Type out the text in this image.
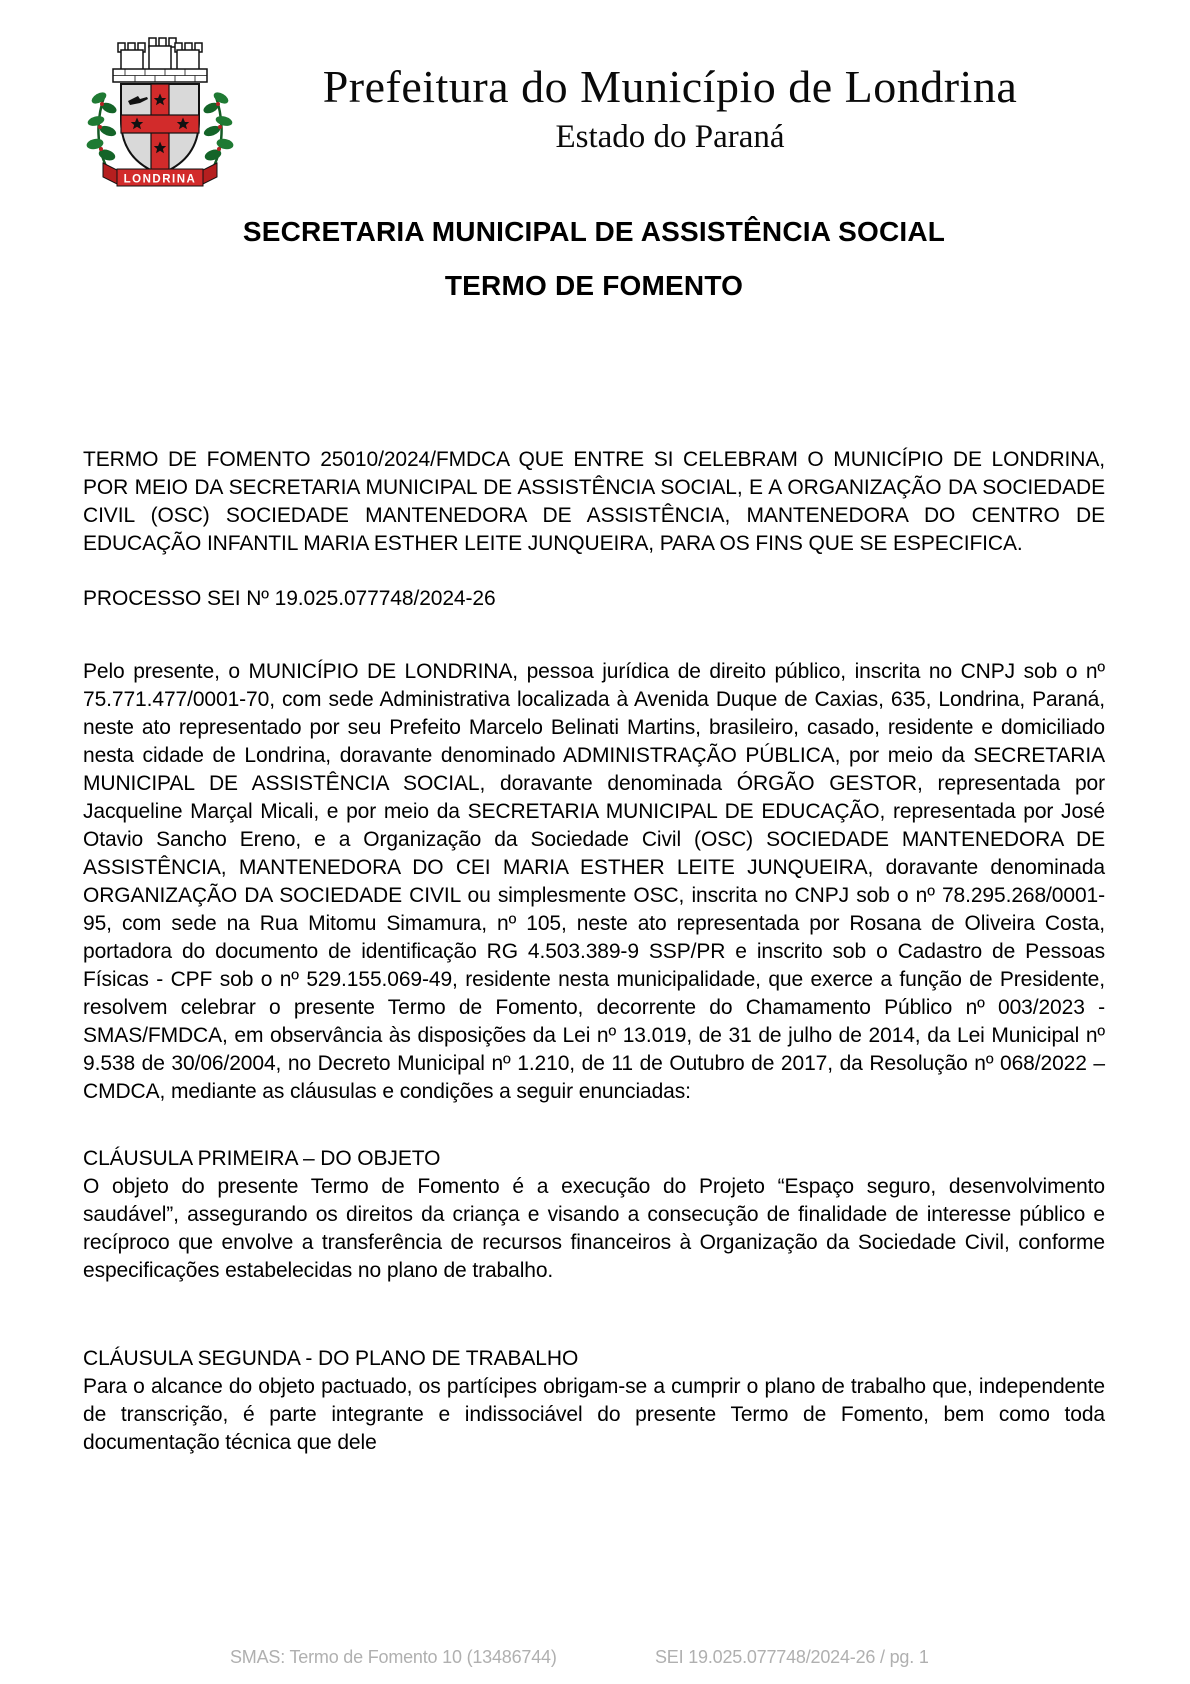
LONDRINA
Prefeitura do Município de Londrina
Estado do Paraná
SECRETARIA MUNICIPAL DE ASSISTÊNCIA SOCIAL
TERMO DE FOMENTO

TERMO DE FOMENTO 25010/2024/FMDCA QUE ENTRE SI CELEBRAM O MUNICÍPIO DE LONDRINA, POR MEIO DA SECRETARIA MUNICIPAL DE ASSISTÊNCIA SOCIAL, E A ORGANIZAÇÃO DA SOCIEDADE CIVIL (OSC) SOCIEDADE MANTENEDORA DE ASSISTÊNCIA, MANTENEDORA DO CENTRO DE EDUCAÇÃO INFANTIL MARIA ESTHER LEITE JUNQUEIRA, PARA OS FINS QUE SE ESPECIFICA.

PROCESSO SEI Nº 19.025.077748/2024-26

Pelo presente, o MUNICÍPIO DE LONDRINA, pessoa jurídica de direito público, inscrita no CNPJ sob o nº 75.771.477/0001-70, com sede Administrativa localizada à Avenida Duque de Caxias, 635, Londrina, Paraná, neste ato representado por seu Prefeito Marcelo Belinati Martins, brasileiro, casado, residente e domiciliado nesta cidade de Londrina, doravante denominado ADMINISTRAÇÃO PÚBLICA, por meio da SECRETARIA MUNICIPAL DE ASSISTÊNCIA SOCIAL, doravante denominada ÓRGÃO GESTOR, representada por Jacqueline Marçal Micali, e por meio da SECRETARIA MUNICIPAL DE EDUCAÇÃO, representada por José Otavio Sancho Ereno, e a Organização da Sociedade Civil (OSC) SOCIEDADE MANTENEDORA DE ASSISTÊNCIA, MANTENEDORA DO CEI MARIA ESTHER LEITE JUNQUEIRA, doravante denominada ORGANIZAÇÃO DA SOCIEDADE CIVIL ou simplesmente OSC, inscrita no CNPJ sob o nº 78.295.268/0001-95, com sede na Rua Mitomu Simamura, nº 105, neste ato representada por Rosana de Oliveira Costa, portadora do documento de identificação RG 4.503.389-9 SSP/PR e inscrito sob o Cadastro de Pessoas Físicas - CPF sob o nº 529.155.069-49, residente nesta municipalidade, que exerce a função de Presidente, resolvem celebrar o presente Termo de Fomento, decorrente do Chamamento Público nº 003/2023 - SMAS/FMDCA, em observância às disposições da Lei nº 13.019, de 31 de julho de 2014, da Lei Municipal nº 9.538 de 30/06/2004, no Decreto Municipal nº 1.210, de 11 de Outubro de 2017, da Resolução nº 068/2022 – CMDCA, mediante as cláusulas e condições a seguir enunciadas:

CLÁUSULA PRIMEIRA – DO OBJETO

O objeto do presente Termo de Fomento é a execução do Projeto “Espaço seguro, desenvolvimento saudável”, assegurando os direitos da criança e visando a consecução de finalidade de interesse público e recíproco que envolve a transferência de recursos financeiros à Organização da Sociedade Civil, conforme especificações estabelecidas no plano de trabalho.

CLÁUSULA SEGUNDA - DO PLANO DE TRABALHO

Para o alcance do objeto pactuado, os partícipes obrigam-se a cumprir o plano de trabalho que, independente de transcrição, é parte integrante e indissociável do presente Termo de Fomento, bem como toda documentação técnica que dele

SMAS: Termo de Fomento 10 (13486744)	SEI 19.025.077748/2024-26 / pg. 1
